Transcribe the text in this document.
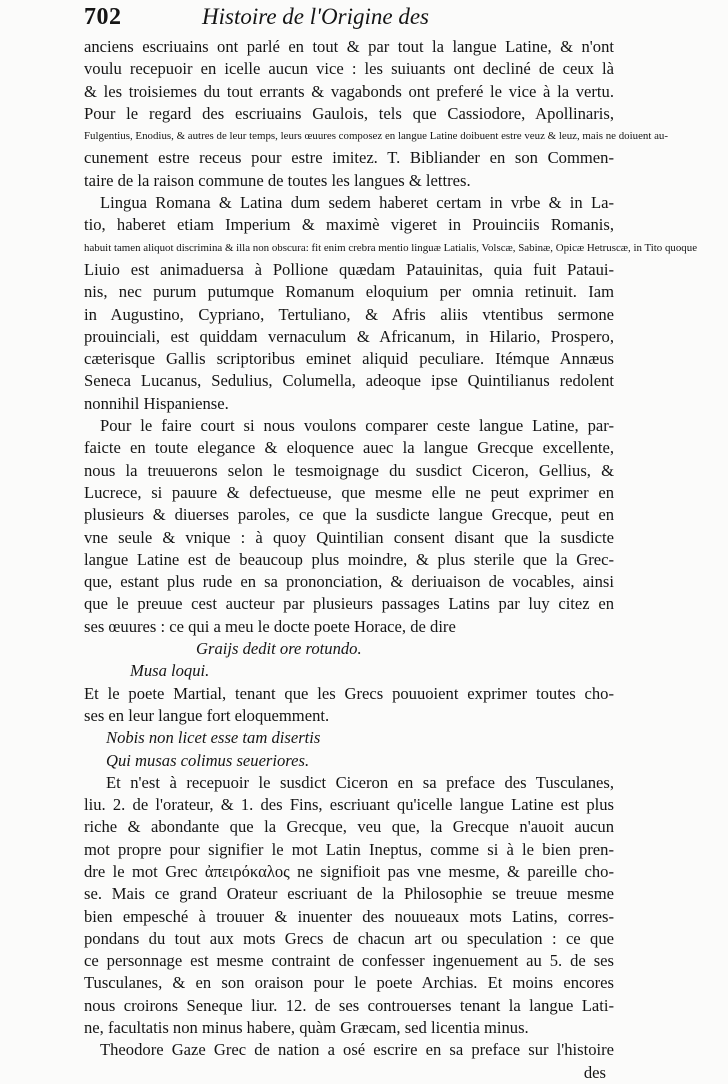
702	Histoire de l'Origine des
anciens escriuains ont parlé en tout & par tout la langue Latine, & n'ont
voulu recepuoir en icelle aucun vice : les suiuants ont decliné de ceux là
& les troisiemes du tout errants & vagabonds ont preferé le vice à la vertu.
Pour le regard des escriuains Gaulois, tels que Cassiodore, Apollinaris,
Fulgentius, Enodius, & autres de leur temps, leurs œuures composez en langue Latine doibuent estre veuz & leuz, mais ne doiuent au-
cunement estre receus pour estre imitez. T. Bibliander en son Commen-
taire de la raison commune de toutes les langues & lettres.
Lingua Romana & Latina dum sedem haberet certam in vrbe & in La-
tio, haberet etiam Imperium & maximè vigeret in Prouinciis Romanis,
habuit tamen aliquot discrimina & illa non obscura: fit enim crebra mentio linguæ Latialis, Volscæ, Sabinæ, Opicæ Hetruscæ, in Tito quoque
Liuio est animaduersa à Pollione quædam Patauinitas, quia fuit Pataui-
nis, nec purum putumque Romanum eloquium per omnia retinuit. Iam
in Augustino, Cypriano, Tertuliano, & Afris aliis vtentibus sermone
prouinciali, est quiddam vernaculum & Africanum, in Hilario, Prospero,
cæterisque Gallis scriptoribus eminet aliquid peculiare. Itémque Annæus
Seneca Lucanus, Sedulius, Columella, adeoque ipse Quintilianus redolent
nonnihil Hispaniense.
Pour le faire court si nous voulons comparer ceste langue Latine, par-
faicte en toute elegance & eloquence auec la langue Grecque excellente,
nous la treuuerons selon le tesmoignage du susdict Ciceron, Gellius, &
Lucrece, si pauure & defectueuse, que mesme elle ne peut exprimer en
plusieurs & diuerses paroles, ce que la susdicte langue Grecque, peut en
vne seule & vnique : à quoy Quintilian consent disant que la susdicte
langue Latine est de beaucoup plus moindre, & plus sterile que la Grec-
que, estant plus rude en sa prononciation, & deriuaison de vocables, ainsi
que le preuue cest aucteur par plusieurs passages Latins par luy citez en
ses œuures : ce qui a meu le docte poete Horace, de dire
Graijs dedit ore rotundo.
Musa loqui.
Et le poete Martial, tenant que les Grecs pouuoient exprimer toutes cho-
ses en leur langue fort eloquemment.
Nobis non licet esse tam disertis
Qui musas colimus seueriores.
Et n'est à recepuoir le susdict Ciceron en sa preface des Tusculanes,
liu. 2. de l'orateur, & 1. des Fins, escriuant qu'icelle langue Latine est plus
riche & abondante que la Grecque, veu que, la Grecque n'auoit aucun
mot propre pour signifier le mot Latin Ineptus, comme si à le bien pren-
dre le mot Grec ἀπειρόκαλος ne signifioit pas vne mesme, & pareille cho-
se. Mais ce grand Orateur escriuant de la Philosophie se treuue mesme
bien empesché à trouuer & inuenter des nouueaux mots Latins, corres-
pondans du tout aux mots Grecs de chacun art ou speculation : ce que
ce personnage est mesme contraint de confesser ingenuement au 5. de ses
Tusculanes, & en son oraison pour le poete Archias. Et moins encores
nous croirons Seneque liur. 12. de ses controuerses tenant la langue Lati-
ne, facultatis non minus habere, quàm Græcam, sed licentia minus.
Theodore Gaze Grec de nation a osé escrire en sa preface sur l'histoire
des
